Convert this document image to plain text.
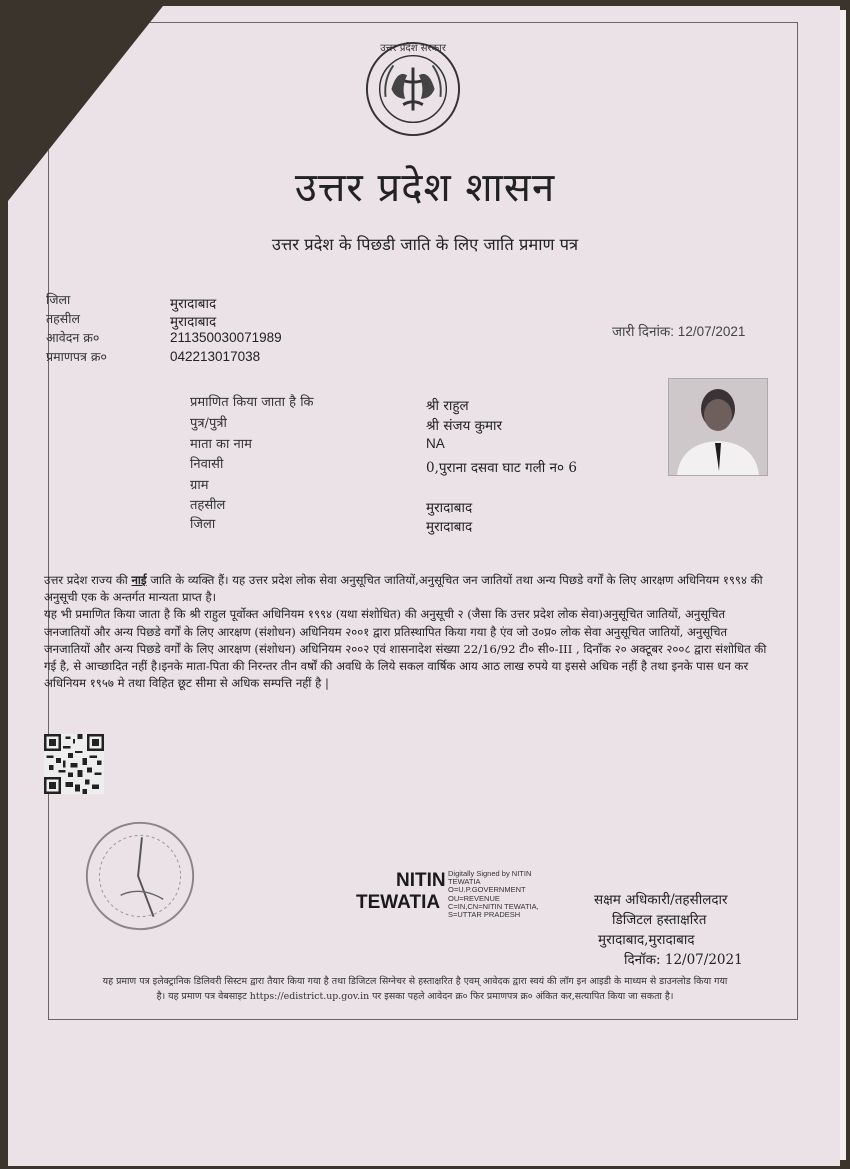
उत्तर प्रदेश सरकार
उत्तर प्रदेश शासन
उत्तर प्रदेश के पिछडी जाति के लिए जाति प्रमाण पत्र
जिला	मुरादाबाद
तहसील	मुरादाबाद
आवेदन क्र०	211350030071989
प्रमाणपत्र क्र०	042213017038
जारी दिनांक: 12/07/2021
प्रमाणित किया जाता है कि	श्री राहुल
पुत्र/पुत्री	श्री संजय कुमार
माता का नाम	NA
निवासी	0,पुराना दसवा घाट गली न० 6
ग्राम
तहसील	मुरादाबाद
जिला	मुरादाबाद

उत्तर प्रदेश राज्य की नाई जाति के व्यक्ति हैं। यह उत्तर प्रदेश लोक सेवा अनुसूचित जातियों,अनुसूचित जन जातियों तथा अन्य पिछडे वर्गों के लिए आरक्षण अधिनियम १९९४ की अनुसूची एक के अन्तर्गत मान्यता प्राप्त है।

यह भी प्रमाणित किया जाता है कि श्री राहुल पूर्वोक्त अधिनियम १९९४ (यथा संशोधित) की अनुसूची २ (जैसा कि उत्तर प्रदेश लोक सेवा)अनुसूचित जातियों, अनुसूचित जनजातियों और अन्य पिछडे वर्गों के लिए आरक्षण (संशोधन) अधिनियम २००१ द्वारा प्रतिस्थापित किया गया है एंव जो उ०प्र० लोक सेवा अनुसूचित जातियों, अनुसूचित जनजातियों और अन्य पिछडे वर्गों के लिए आरक्षण (संशोधन) अधिनियम २००२ एवं शासनादेश संख्या 22/16/92 टी० सी०-III , दिनाँक २० अक्टूबर २००८ द्वारा संशोधित की गई है, से आच्छादित नहीं है।इनके माता-पिता की निरन्तर तीन वर्षों की अवधि के लिये सकल वार्षिक आय आठ लाख रुपये या इससे अधिक नहीं है तथा इनके पास धन कर अधिनियम १९५७ मे तथा विहित छूट सीमा से अधिक सम्पत्ति नहीं है |

NITIN
TEWATIA
Digitally Signed by NITIN
TEWATIA
O=U.P.GOVERNMENT
OU=REVENUE
C=IN,CN=NITIN TEWATIA,
S=UTTAR PRADESH
सक्षम अधिकारी/तहसीलदार
डिजिटल हस्ताक्षरित
मुरादाबाद,मुरादाबाद
दिनॉक: 12/07/2021

यह प्रमाण पत्र इलेक्ट्रानिक डिलिवरी सिस्टम द्वारा तैयार किया गया है तथा डिजिटल सिग्नेचर से हस्ताक्षरित है एवम् आवेदक द्वारा स्वयं की लॉग इन आइडी के माध्यम से डाउनलोड किया गया

है। यह प्रमाण पत्र वेबसाइट https://edistrict.up.gov.in पर इसका पहले आवेदन क्र० फिर प्रमाणपत्र क्र० अंकित कर,सत्यापित किया जा सकता है।
